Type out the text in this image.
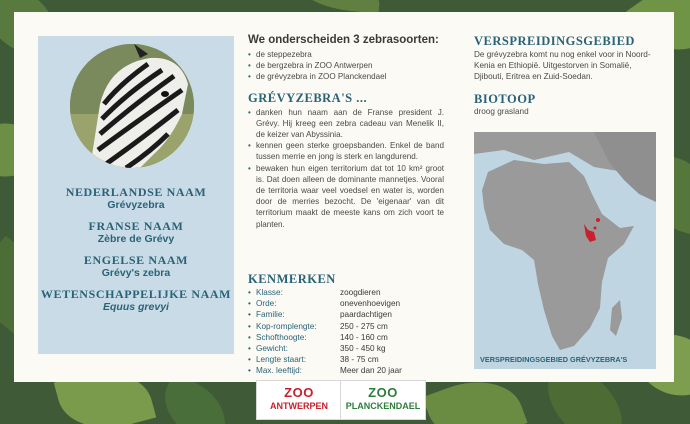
NEDERLANDSE NAAM
Grévyzebra
FRANSE NAAM
Zèbre de Grévy
ENGELSE NAAM
Grévy's zebra
WETENSCHAPPELIJKE NAAM
Equus grevyi
We onderscheiden 3 zebrasoorten:
• de steppezebra
• de bergzebra in ZOO Antwerpen
• de grévyzebra in ZOO Planckendael
GRÉVYZEBRA'S ...
• danken hun naam aan de Franse president J. Grévy. Hij kreeg een zebra cadeau van Menelik II, de keizer van Abyssinia.
• kennen geen sterke groepsbanden. Enkel de band tussen merrie en jong is sterk en langdurend.
• bewaken hun eigen territorium dat tot 10 km² groot is. Dat doen alleen de dominante mannetjes. Vooral de territoria waar veel voedsel en water is, worden door de merries bezocht. De 'eigenaar' van dit territorium maakt de meeste kans om zich voort te planten.
KENMERKEN
• Klasse:	zoogdieren
• Orde:	onevenhoevigen
• Familie:	paardachtigen
• Kop-romplengte:	250 - 275 cm
• Schofthoogte:	140 - 160 cm
• Gewicht:	350 - 450 kg
• Lengte staart:	38 - 75 cm
• Max. leeftijd:	Meer dan 20 jaar
VERSPREIDINGSGEBIED

De grévyzebra komt nu nog enkel voor in Noord-Kenia en Ethiopië. Uitgestorven in Somalië, Djibouti, Eritrea en Zuid-Soedan.

BIOTOOP

droog grasland

VERSPREIDINGSGEBIED GRÉVYZEBRA'S
ZOO
ANTWERPEN
ZOO
PLANCKENDAEL
